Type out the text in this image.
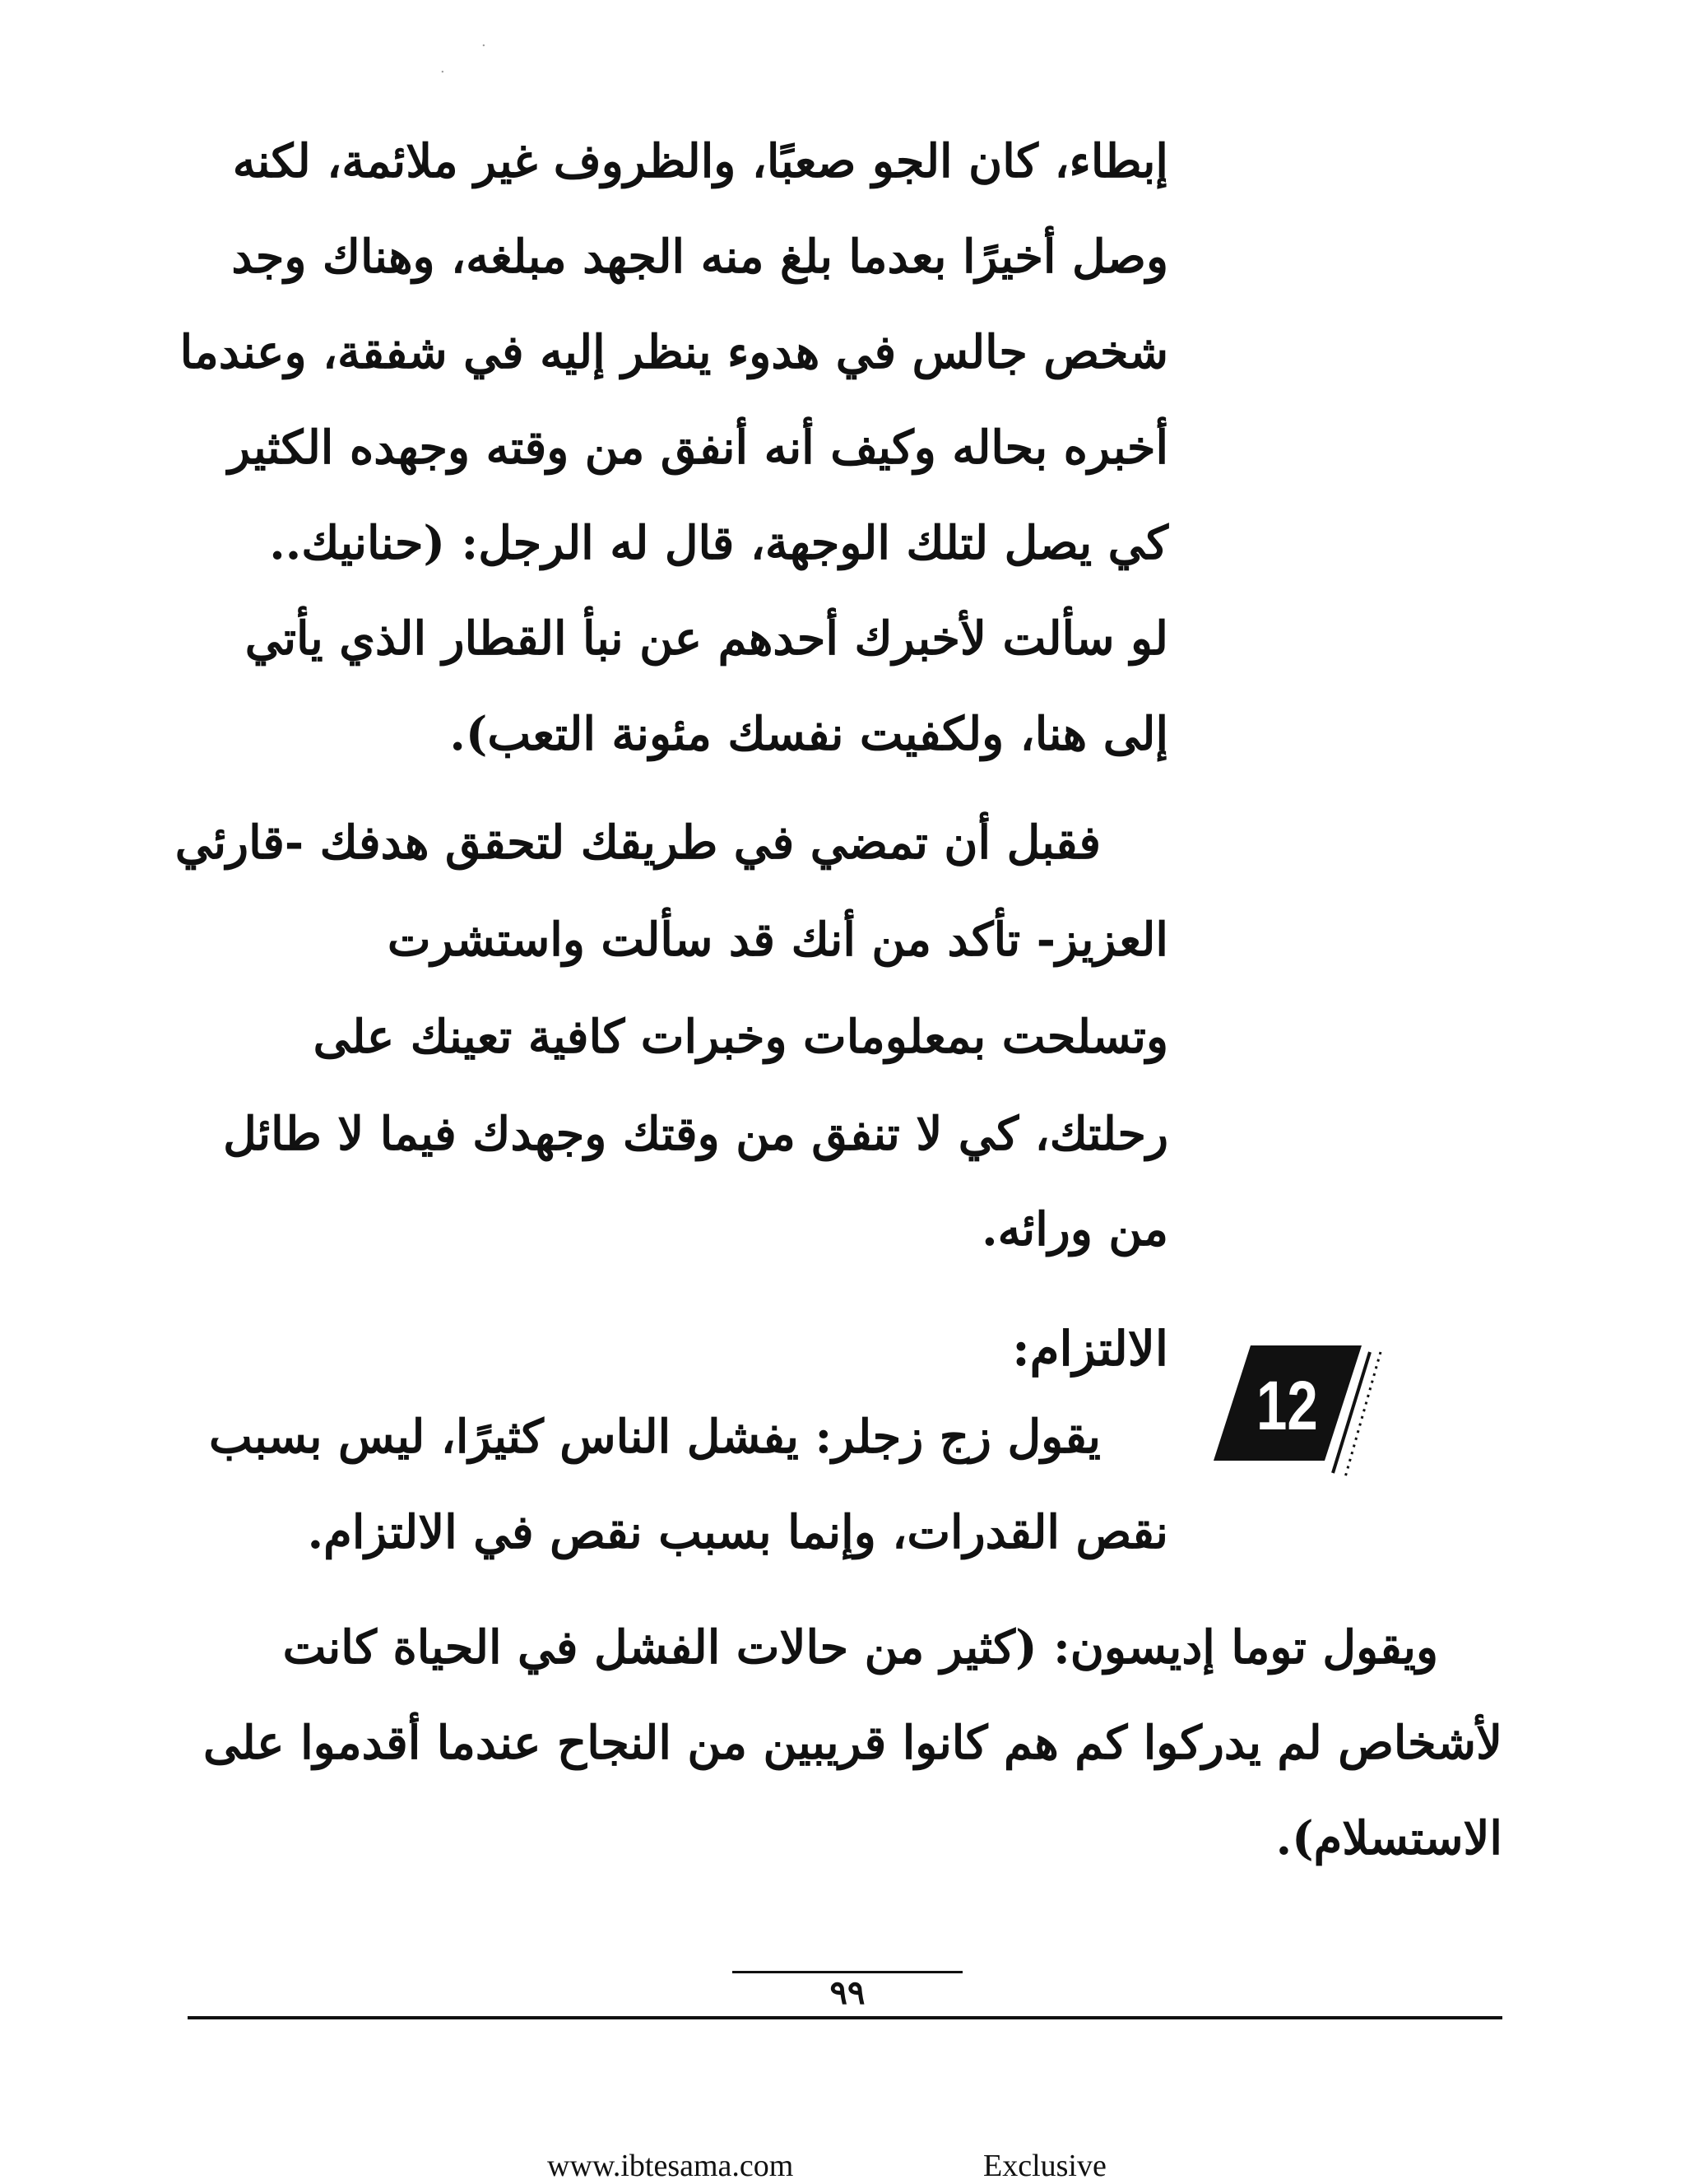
.
.
إبطاء، كان الجو صعبًا، والظروف غير ملائمة، لكنه
وصل أخيرًا بعدما بلغ منه الجهد مبلغه، وهناك وجد
شخص جالس في هدوء ينظر إليه في شفقة، وعندما
أخبره بحاله وكيف أنه أنفق من وقته وجهده الكثير
كي يصل لتلك الوجهة، قال له الرجل: (حنانيك..
لو سألت لأخبرك أحدهم عن نبأ القطار الذي يأتي
إلى هنا، ولكفيت نفسك مئونة التعب).
فقبل أن تمضي في طريقك لتحقق هدفك -قارئي
العزيز- تأكد من أنك قد سألت واستشرت
وتسلحت بمعلومات وخبرات كافية تعينك على
رحلتك، كي لا تنفق من وقتك وجهدك فيما لا طائل
من ورائه.
الالتزام:
12
يقول زج زجلر: يفشل الناس كثيرًا، ليس بسبب
نقص القدرات، وإنما بسبب نقص في الالتزام.
ويقول توما إديسون: (كثير من حالات الفشل في الحياة كانت
لأشخاص لم يدركوا كم هم كانوا قريبين من النجاح عندما أقدموا على
الاستسلام).
٩٩
www.ibtesama.com	Exclusive
